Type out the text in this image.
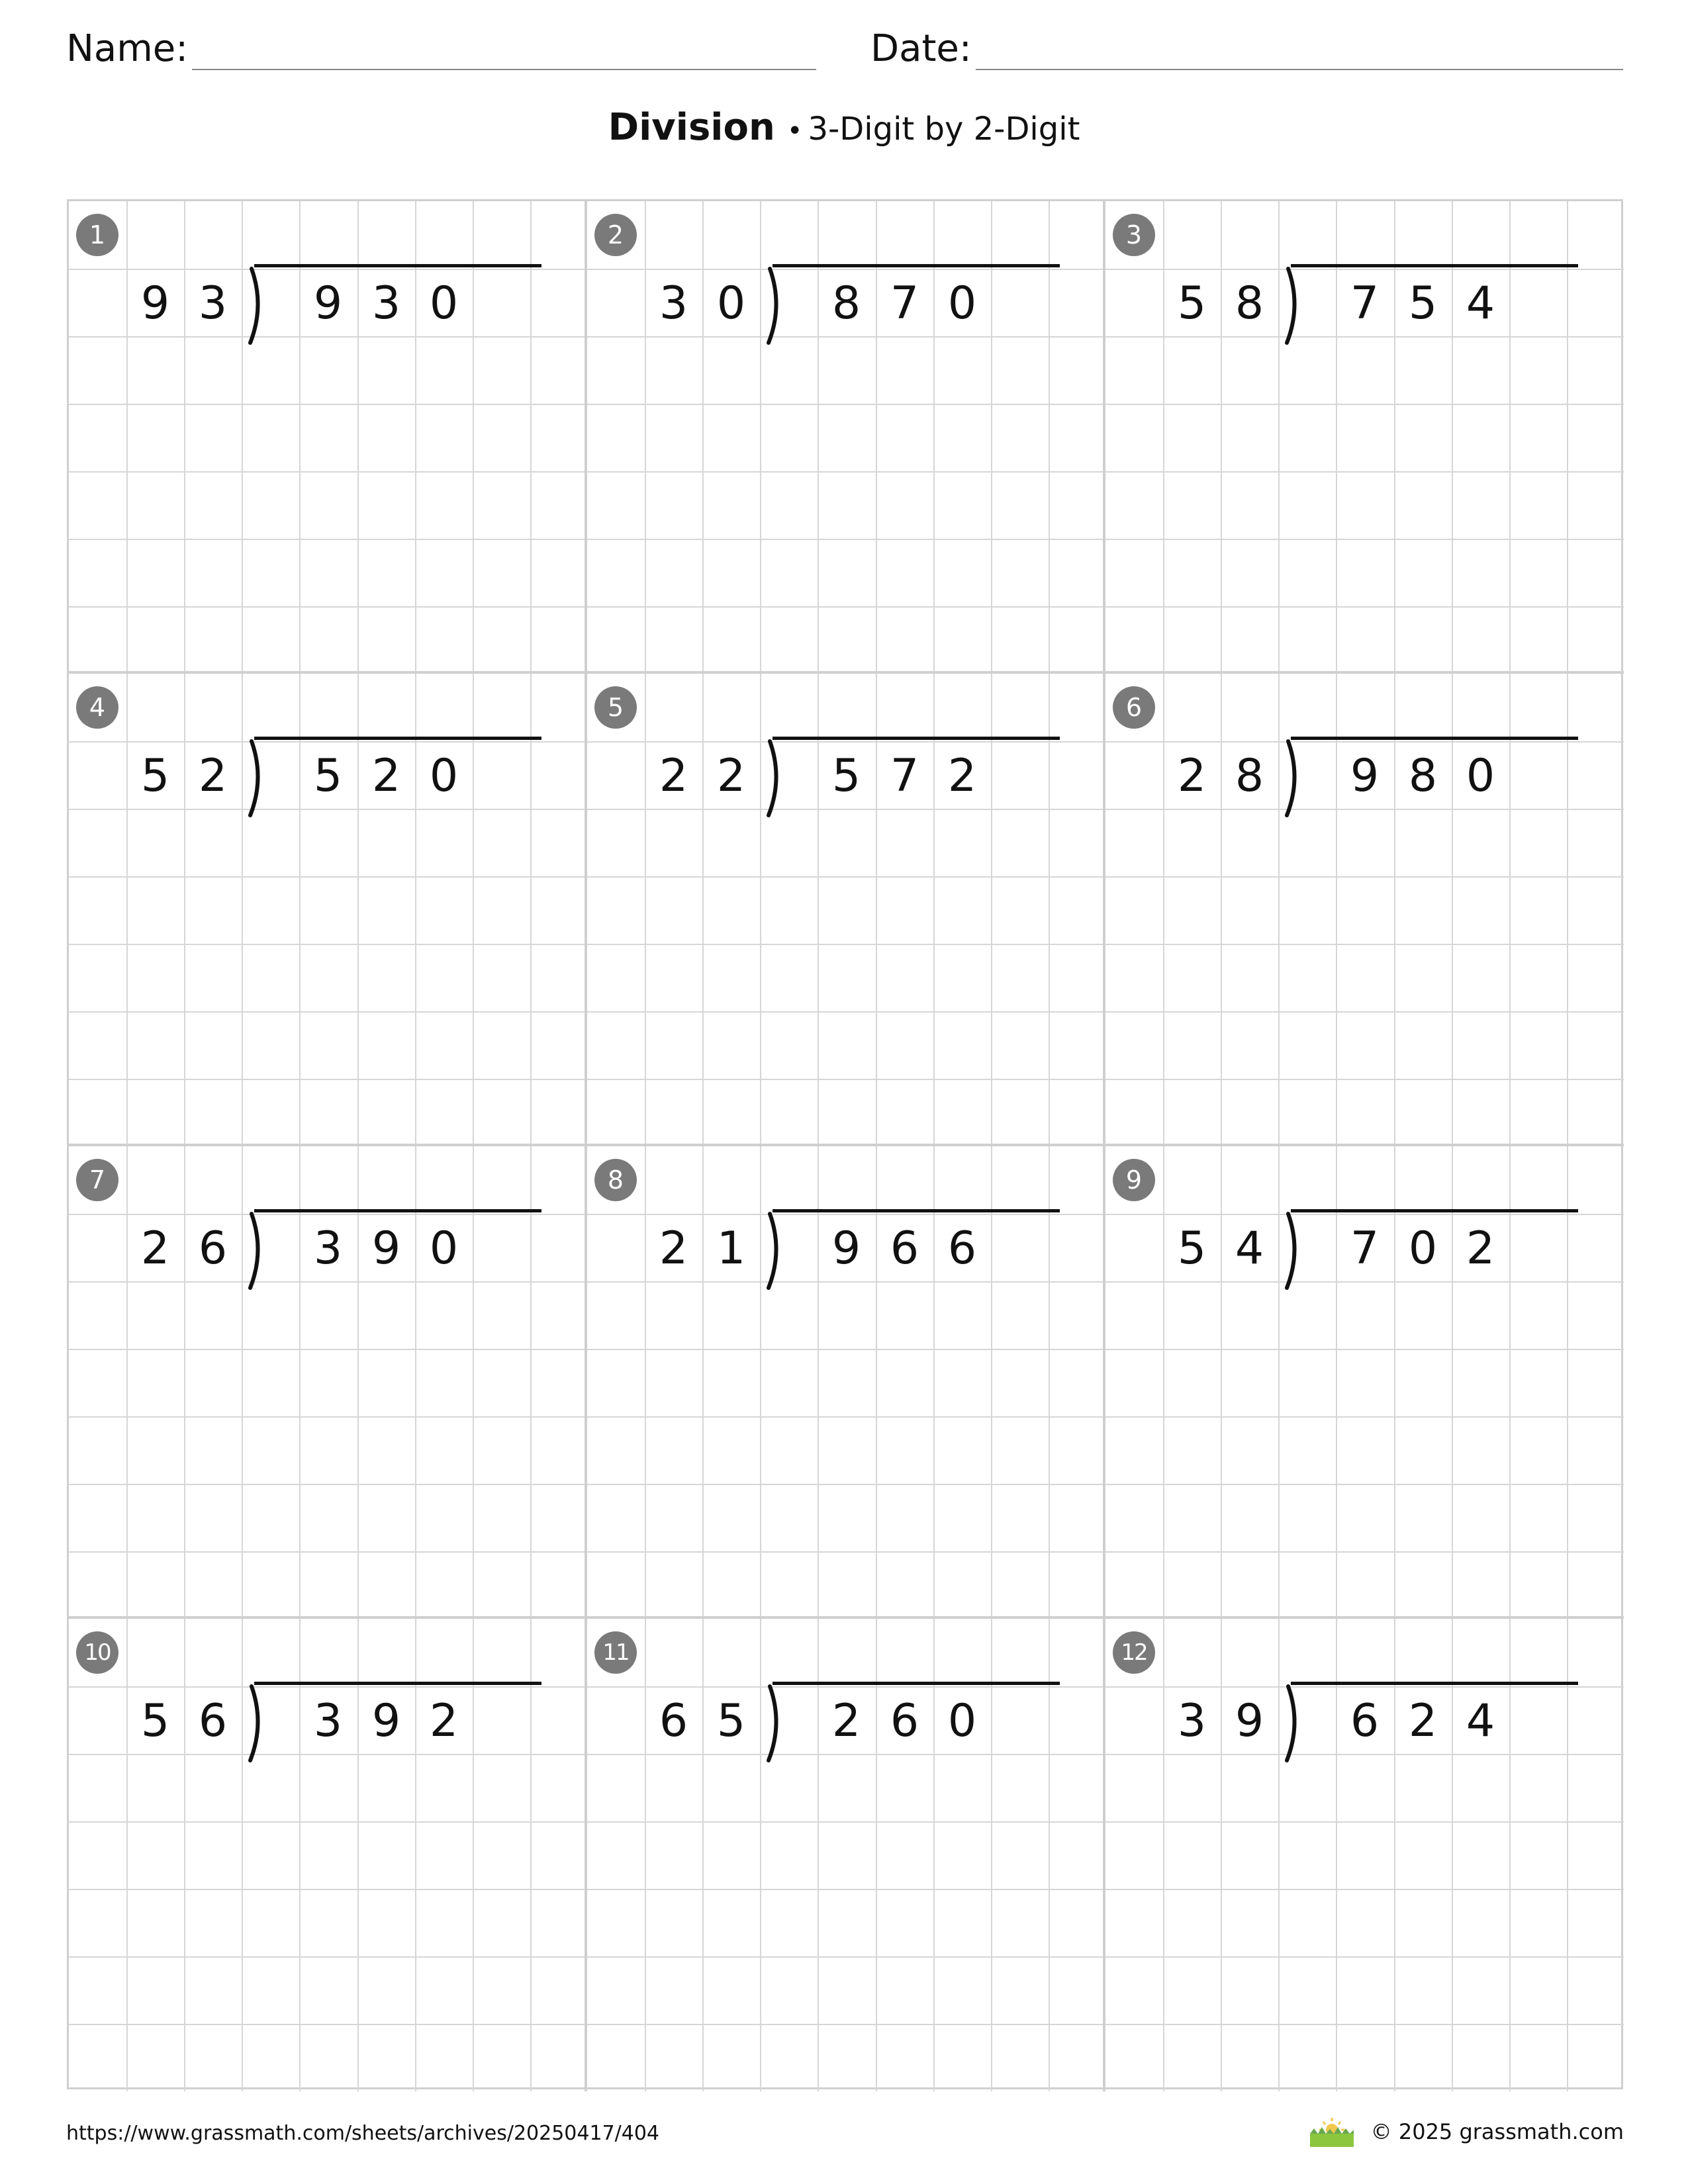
Name:	Date:
Division • 3-Digit by 2-Digit
1
9 3	9 3 0
2
3 0	8 7 0
3
5 8	7 5 4
4
5 2	5 2 0
5
2 2	5 7 2
6
2 8	9 8 0
7
2 6	3 9 0
8
2 1	9 6 6
9
5 4	7 0 2
10
5 6	3 9 2
11
6 5	2 6 0
12
3 9	6 2 4
https://www.grassmath.com/sheets/archives/20250417/404	© 2025 grassmath.com
